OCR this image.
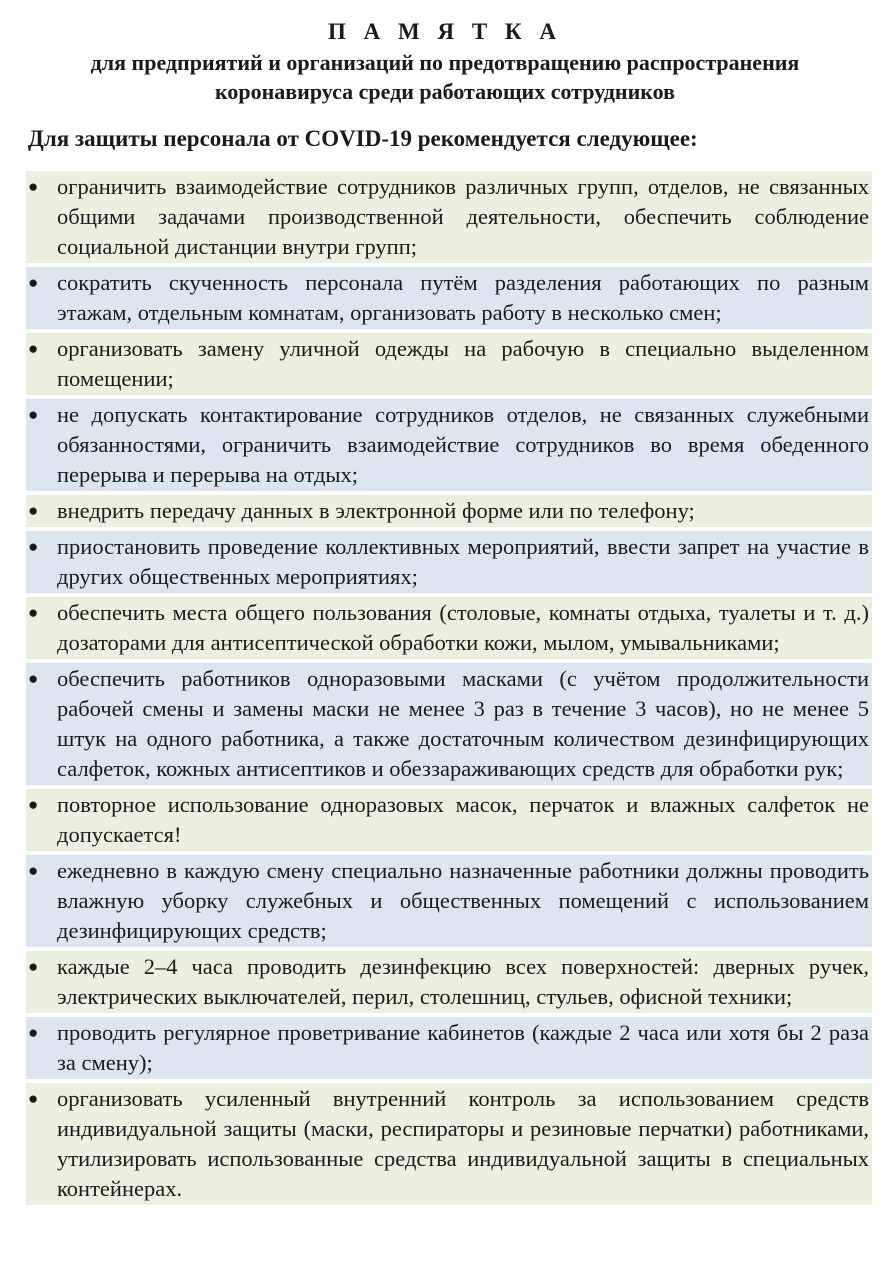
П А М Я Т К А
для предприятий и организаций по предотвращению распространения коронавируса среди работающих сотрудников
Для защиты персонала от COVID-19 рекомендуется следующее:
● ограничить взаимодействие сотрудников различных групп, отделов, не связанных общими задачами производственной деятельности, обеспечить соблюдение социальной дистанции внутри групп;
● сократить скученность персонала путём разделения работающих по разным этажам, отдельным комнатам, организовать работу в несколько смен;
● организовать замену уличной одежды на рабочую в специально выделенном помещении;
● не допускать контактирование сотрудников отделов, не связанных служебными обязанностями, ограничить взаимодействие сотрудников во время обеденного перерыва и перерыва на отдых;
● внедрить передачу данных в электронной форме или по телефону;
● приостановить проведение коллективных мероприятий, ввести запрет на участие в других общественных мероприятиях;
● обеспечить места общего пользования (столовые, комнаты отдыха, туалеты и т. д.) дозаторами для антисептической обработки кожи, мылом, умывальниками;
● обеспечить работников одноразовыми масками (с учётом продолжительности рабочей смены и замены маски не менее 3 раз в течение 3 часов), но не менее 5 штук на одного работника, а также достаточным количеством дезинфицирующих салфеток, кожных антисептиков и обеззараживающих средств для обработки рук;
● повторное использование одноразовых масок, перчаток и влажных салфеток не допускается!
● ежедневно в каждую смену специально назначенные работники должны проводить влажную уборку служебных и общественных помещений с использованием дезинфицирующих средств;
● каждые 2–4 часа проводить дезинфекцию всех поверхностей: дверных ручек, электрических выключателей, перил, столешниц, стульев, офисной техники;
● проводить регулярное проветривание кабинетов (каждые 2 часа или хотя бы 2 раза за смену);
● организовать усиленный внутренний контроль за использованием средств индивидуальной защиты (маски, респираторы и резиновые перчатки) работниками, утилизировать использованные средства индивидуальной защиты в специальных контейнерах.
